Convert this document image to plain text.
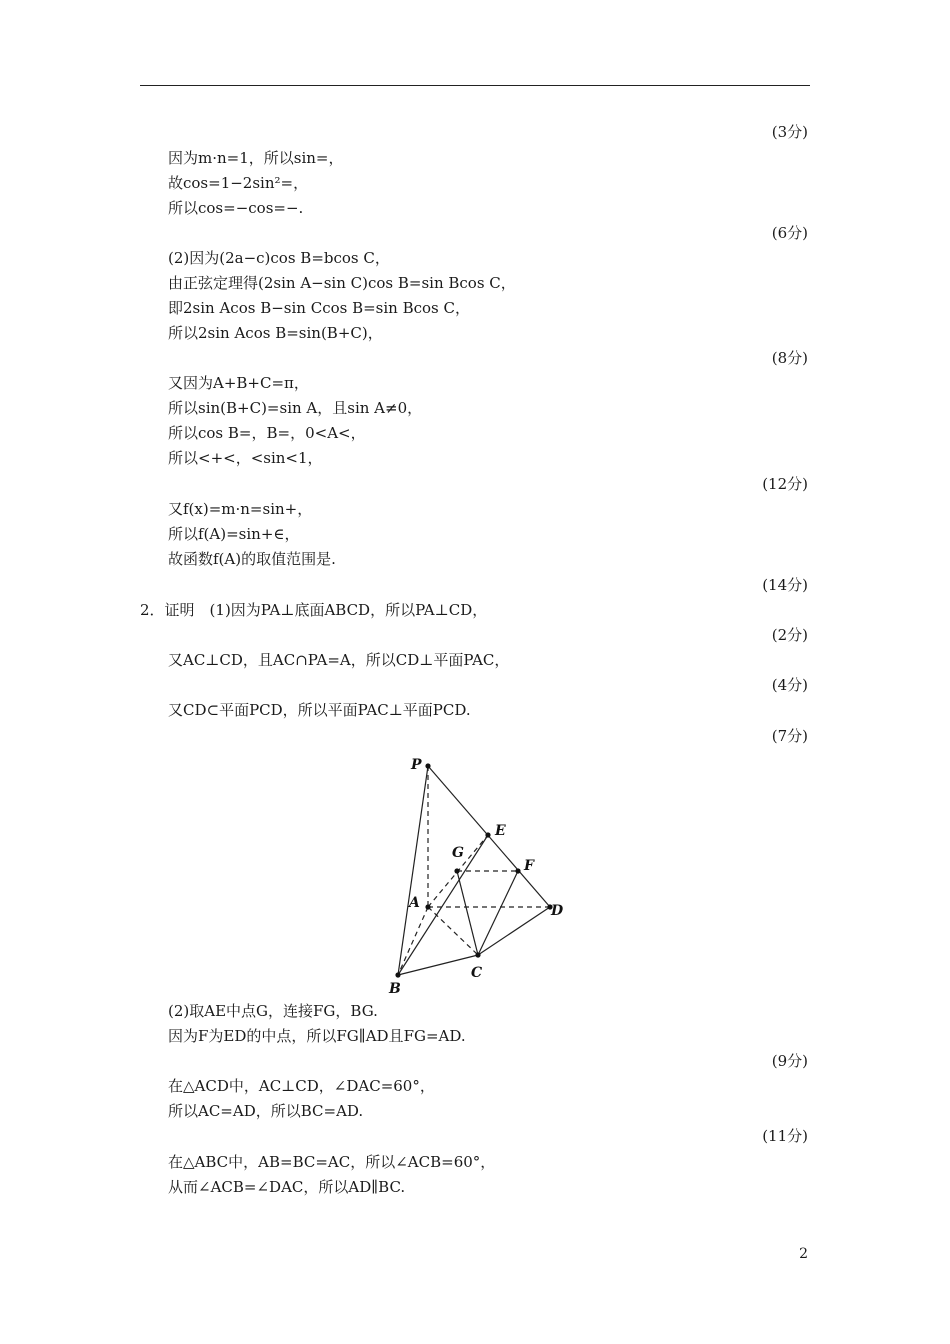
(3分)
因为m·n=1，所以sin=，
故cos=1−2sin²=，
所以cos=−cos=−.
(6分)
(2)因为(2a−c)cos B=bcos C，
由正弦定理得(2sin A−sin C)cos B=sin Bcos C，
即2sin Acos B−sin Ccos B=sin Bcos C，
所以2sin Acos B=sin(B+C)，
(8分)
又因为A+B+C=π，
所以sin(B+C)=sin A，且sin A≠0，
所以cos B=，B=，0<A<，
所以<+<，<sin<1，
(12分)
又f(x)=m·n=sin+，
所以f(A)=sin+∈，
故函数f(A)的取值范围是.
(14分)
2．证明　(1)因为PA⊥底面ABCD，所以PA⊥CD，
(2分)
又AC⊥CD，且AC∩PA=A，所以CD⊥平面PAC，
(4分)
又CD⊂平面PCD，所以平面PAC⊥平面PCD.
(7分)
P
E
G
F
A	D
B
C
(2)取AE中点G，连接FG，BG.
因为F为ED的中点，所以FG∥AD且FG=AD.
(9分)
在△ACD中，AC⊥CD，∠DAC=60°，
所以AC=AD，所以BC=AD.
(11分)
在△ABC中，AB=BC=AC，所以∠ACB=60°，
从而∠ACB=∠DAC，所以AD∥BC.
2
